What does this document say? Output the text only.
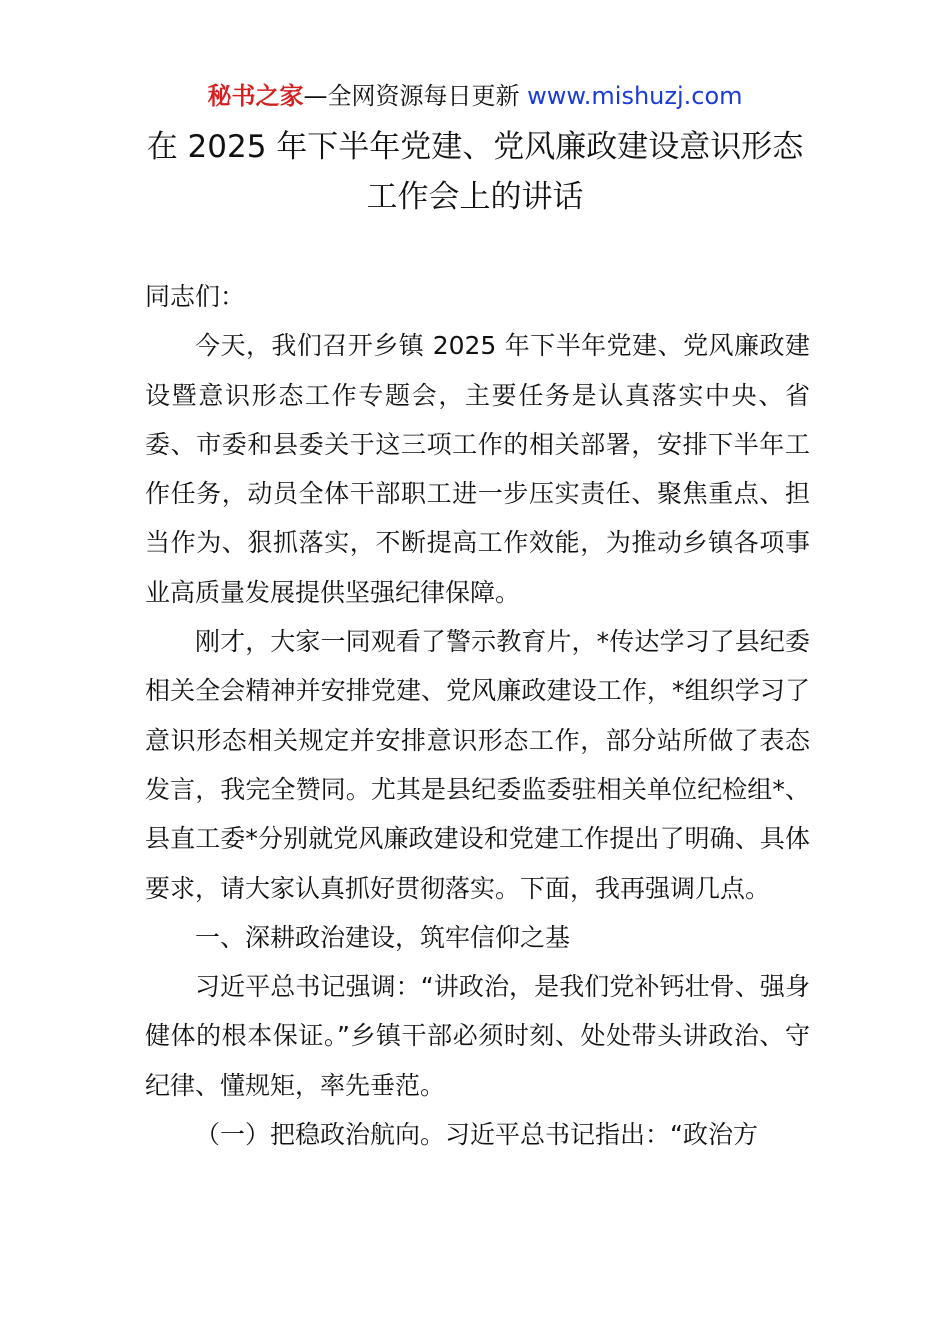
秘书之家—全网资源每日更新 www.mishuzj.com
在 2025 年下半年党建、党风廉政建设意识形态
工作会上的讲话

同志们：

今天，我们召开乡镇 2025 年下半年党建、党风廉政建设暨意识形态工作专题会，主要任务是认真落实中央、省委、市委和县委关于这三项工作的相关部署，安排下半年工作任务，动员全体干部职工进一步压实责任、聚焦重点、担当作为、狠抓落实，不断提高工作效能，为推动乡镇各项事业高质量发展提供坚强纪律保障。

刚才，大家一同观看了警示教育片，*传达学习了县纪委相关全会精神并安排党建、党风廉政建设工作，*组织学习了意识形态相关规定并安排意识形态工作，部分站所做了表态发言，我完全赞同。尤其是县纪委监委驻相关单位纪检组*、县直工委*分别就党风廉政建设和党建工作提出了明确、具体要求，请大家认真抓好贯彻落实。下面，我再强调几点。

一、深耕政治建设，筑牢信仰之基

习近平总书记强调：“讲政治，是我们党补钙壮骨、强身健体的根本保证。”乡镇干部必须时刻、处处带头讲政治、守纪律、懂规矩，率先垂范。

（一）把稳政治航向。习近平总书记指出：“政治方
